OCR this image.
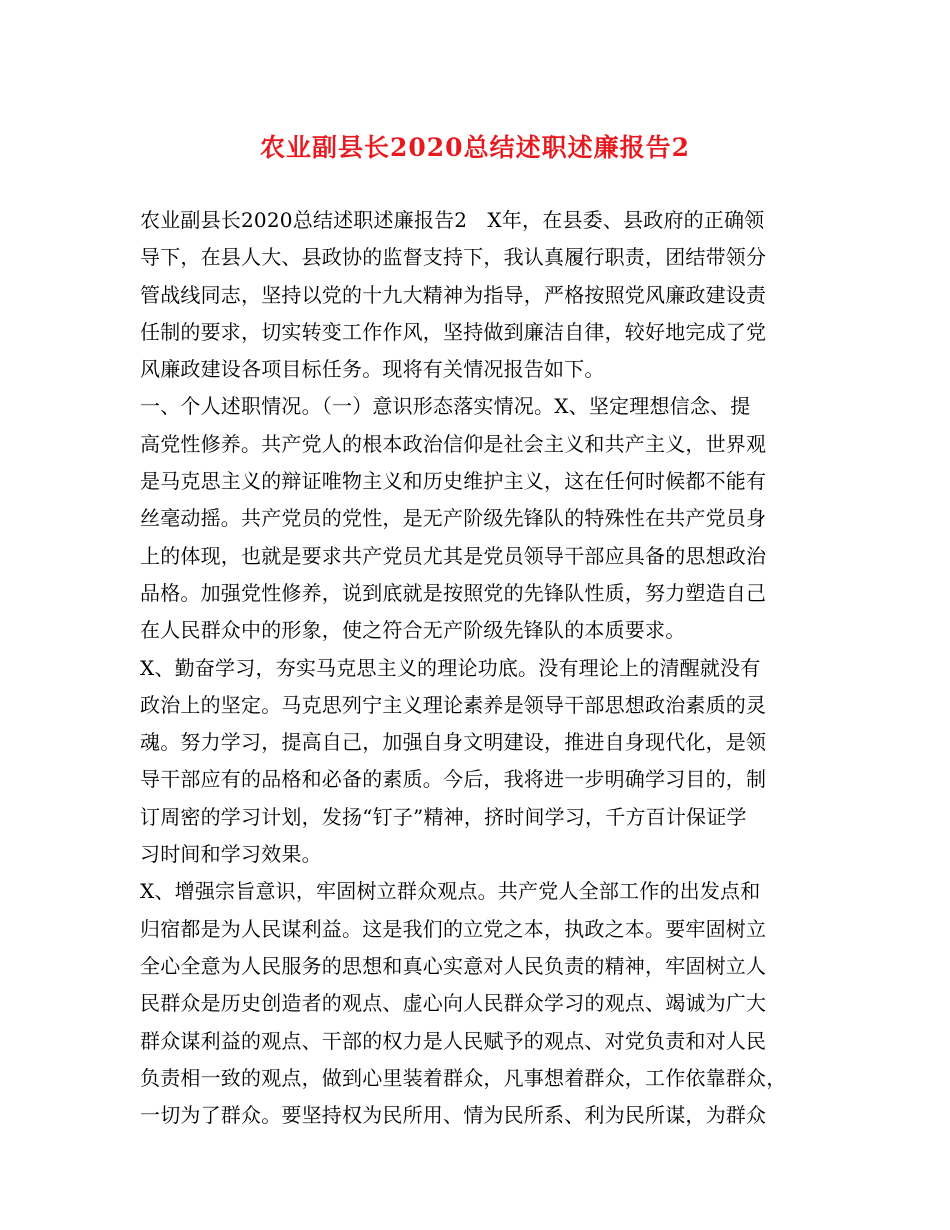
农业副县长2020总结述职述廉报告2
农业副县长2020总结述职述廉报告2　X年，在县委、县政府的正确领
导下，在县人大、县政协的监督支持下，我认真履行职责，团结带领分
管战线同志，坚持以党的十九大精神为指导，严格按照党风廉政建设责
任制的要求，切实转变工作作风，坚持做到廉洁自律，较好地完成了党
风廉政建设各项目标任务。现将有关情况报告如下。
一、个人述职情况。（一）意识形态落实情况。X、坚定理想信念、提
高党性修养。共产党人的根本政治信仰是社会主义和共产主义，世界观
是马克思主义的辩证唯物主义和历史维护主义，这在任何时候都不能有
丝毫动摇。共产党员的党性，是无产阶级先锋队的特殊性在共产党员身
上的体现，也就是要求共产党员尤其是党员领导干部应具备的思想政治
品格。加强党性修养，说到底就是按照党的先锋队性质，努力塑造自己
在人民群众中的形象，使之符合无产阶级先锋队的本质要求。
X、勤奋学习，夯实马克思主义的理论功底。没有理论上的清醒就没有
政治上的坚定。马克思列宁主义理论素养是领导干部思想政治素质的灵
魂。努力学习，提高自己，加强自身文明建设，推进自身现代化，是领
导干部应有的品格和必备的素质。今后，我将进一步明确学习目的，制
订周密的学习计划，发扬“钉子”精神，挤时间学习，千方百计保证学
习时间和学习效果。
X、增强宗旨意识，牢固树立群众观点。共产党人全部工作的出发点和
归宿都是为人民谋利益。这是我们的立党之本，执政之本。要牢固树立
全心全意为人民服务的思想和真心实意对人民负责的精神，牢固树立人
民群众是历史创造者的观点、虚心向人民群众学习的观点、竭诚为广大
群众谋利益的观点、干部的权力是人民赋予的观点、对党负责和对人民
负责相一致的观点，做到心里装着群众，凡事想着群众，工作依靠群众，
一切为了群众。要坚持权为民所用、情为民所系、利为民所谋，为群众
